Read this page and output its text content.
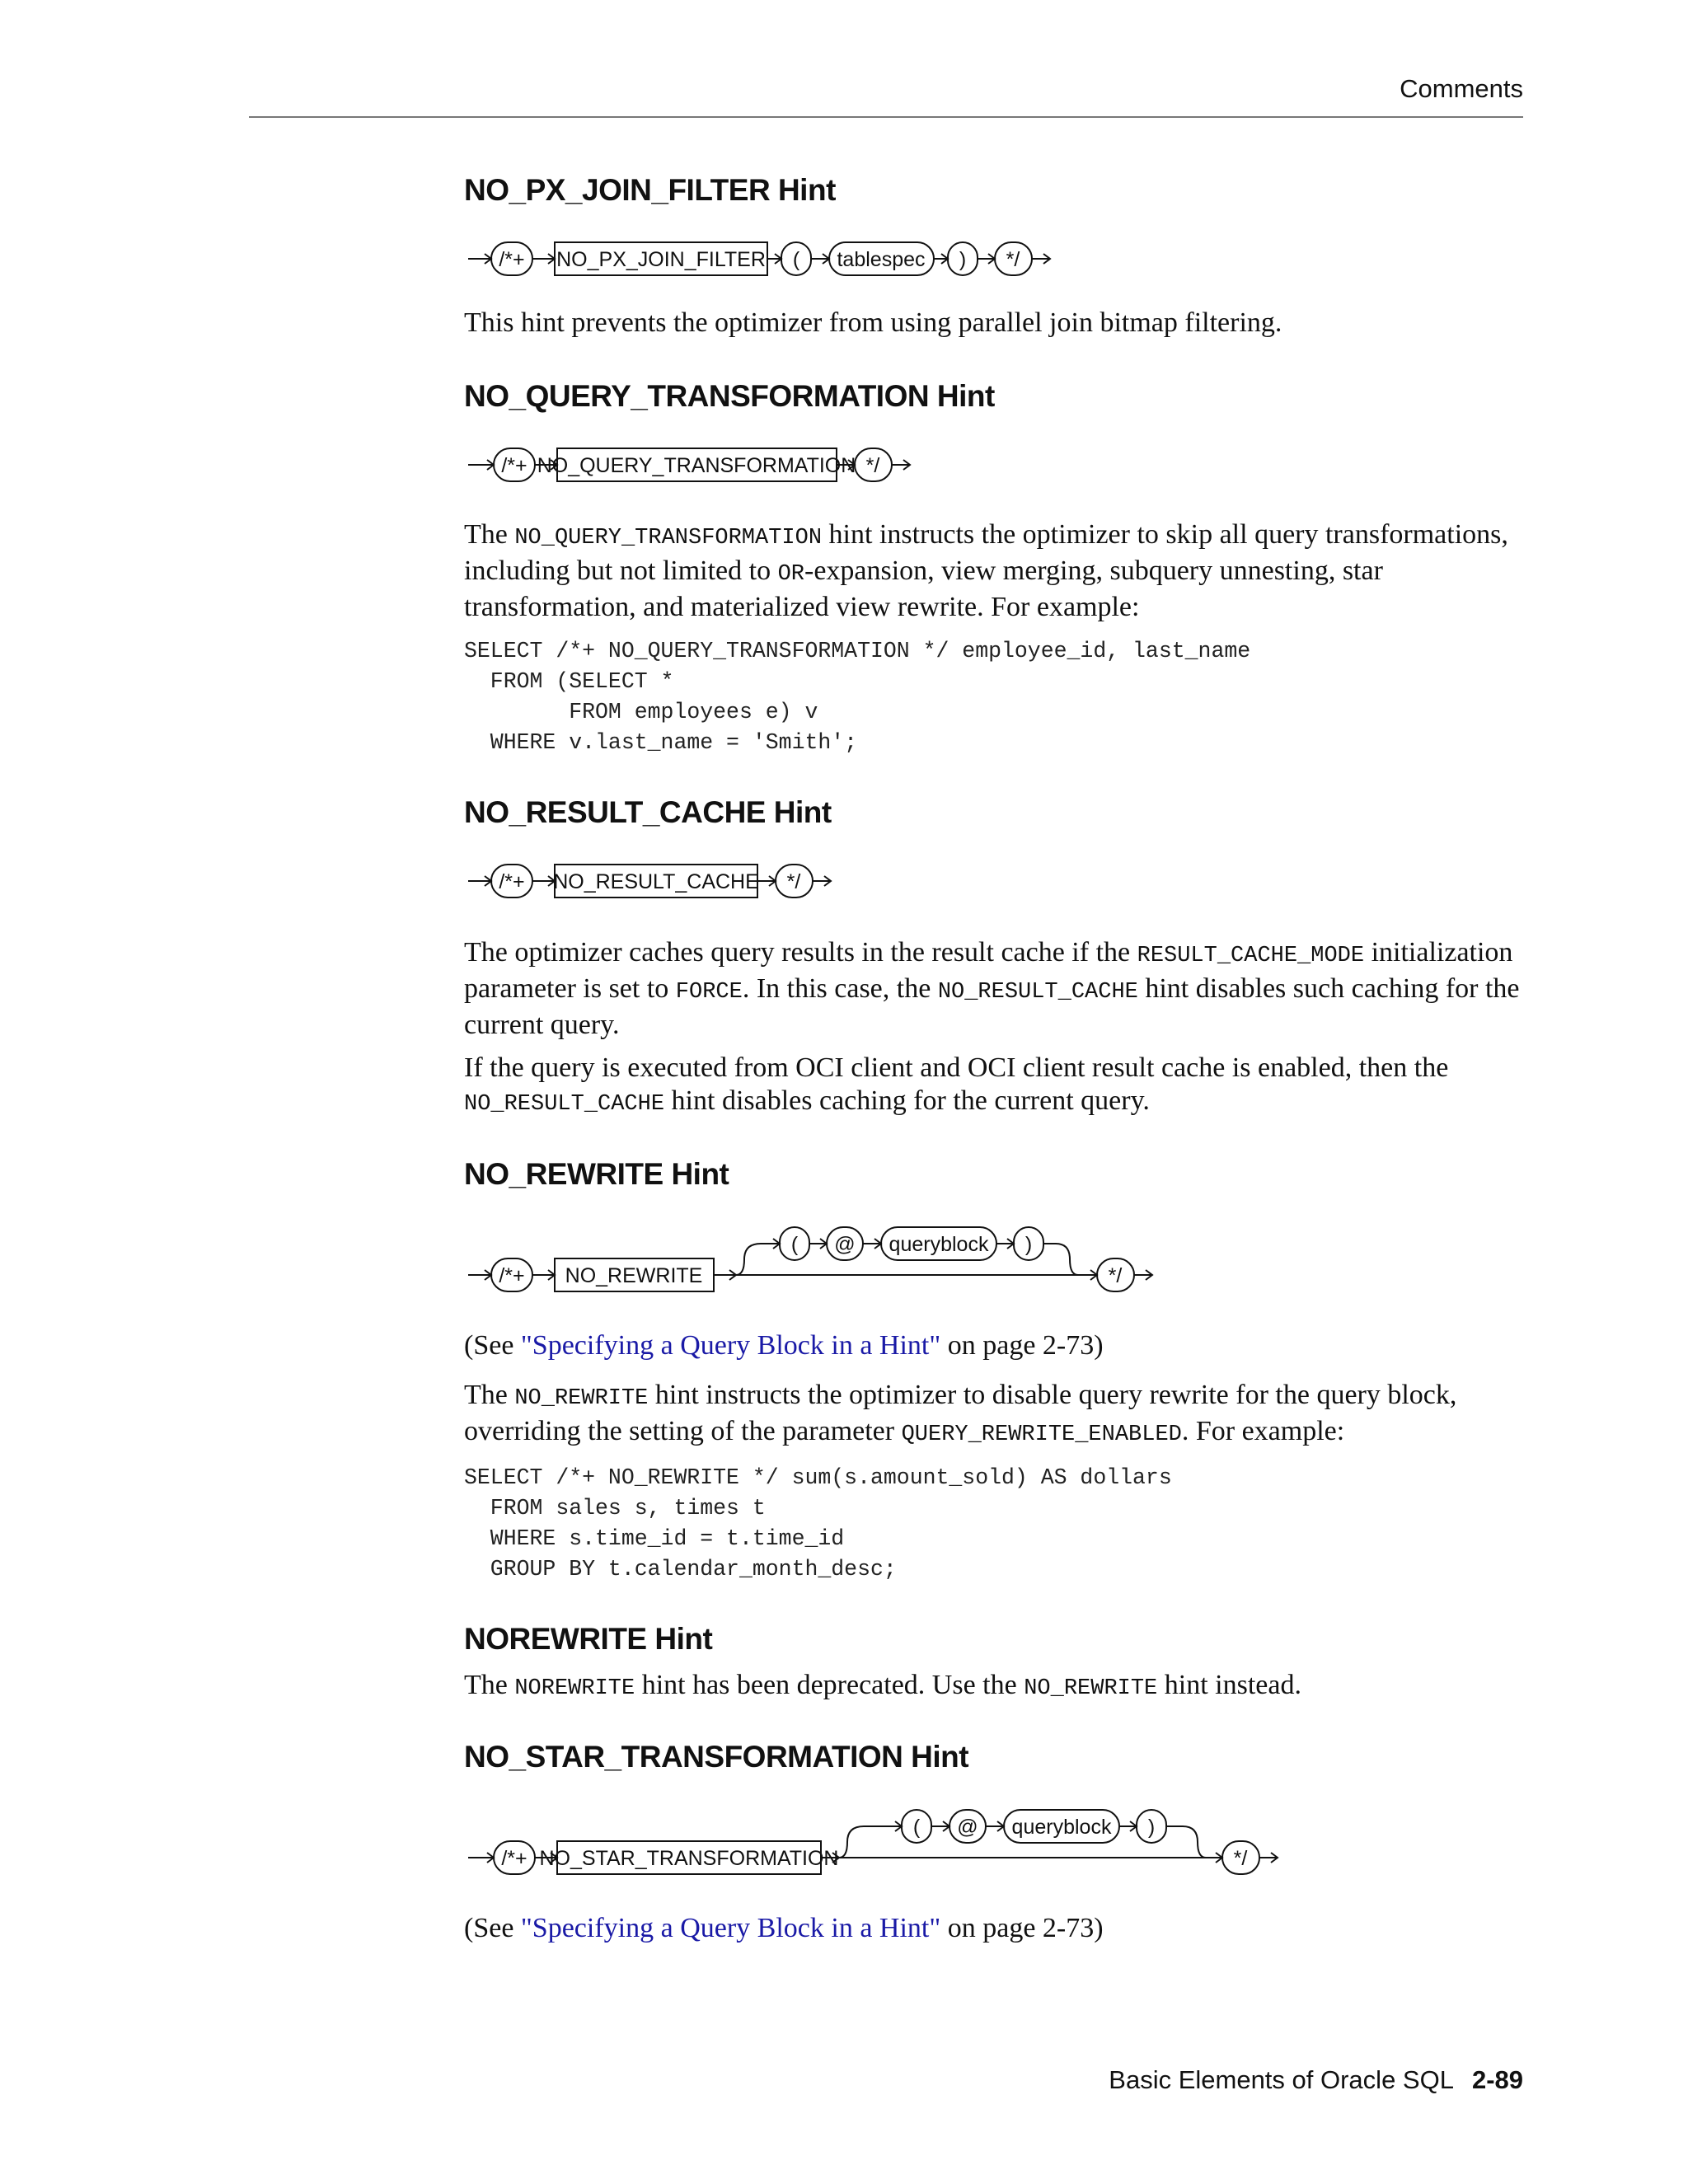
Comments
NO_PX_JOIN_FILTER Hint
/*+ NO_PX_JOIN_FILTER ( tablespec ) */

This hint prevents the optimizer from using parallel join bitmap filtering.

NO_QUERY_TRANSFORMATION Hint
/*+ NO_QUERY_TRANSFORMATION */

The NO_QUERY_TRANSFORMATION hint instructs the optimizer to skip all query transformations, including but not limited to OR-expansion, view merging, subquery unnesting, star transformation, and materialized view rewrite. For example:

SELECT /*+ NO_QUERY_TRANSFORMATION */ employee_id, last_name
FROM (SELECT *
FROM employees e) v
WHERE v.last_name = 'Smith';
NO_RESULT_CACHE Hint
/*+ NO_RESULT_CACHE */

The optimizer caches query results in the result cache if the RESULT_CACHE_MODE initialization parameter is set to FORCE. In this case, the NO_RESULT_CACHE hint disables such caching for the current query.

If the query is executed from OCI client and OCI client result cache is enabled, then the NO_RESULT_CACHE hint disables caching for the current query.

NO_REWRITE Hint
/*+ NO_REWRITE
( @ queryblock )
*/

(See "Specifying a Query Block in a Hint" on page 2-73)

The NO_REWRITE hint instructs the optimizer to disable query rewrite for the query block, overriding the setting of the parameter QUERY_REWRITE_ENABLED. For example:

SELECT /*+ NO_REWRITE */ sum(s.amount_sold) AS dollars
FROM sales s, times t
WHERE s.time_id = t.time_id
GROUP BY t.calendar_month_desc;
NOREWRITE Hint

The NOREWRITE hint has been deprecated. Use the NO_REWRITE hint instead.

NO_STAR_TRANSFORMATION Hint
/*+ NO_STAR_TRANSFORMATION
( @ queryblock )
*/

(See "Specifying a Query Block in a Hint" on page 2-73)

Basic Elements of Oracle SQL 2-89
